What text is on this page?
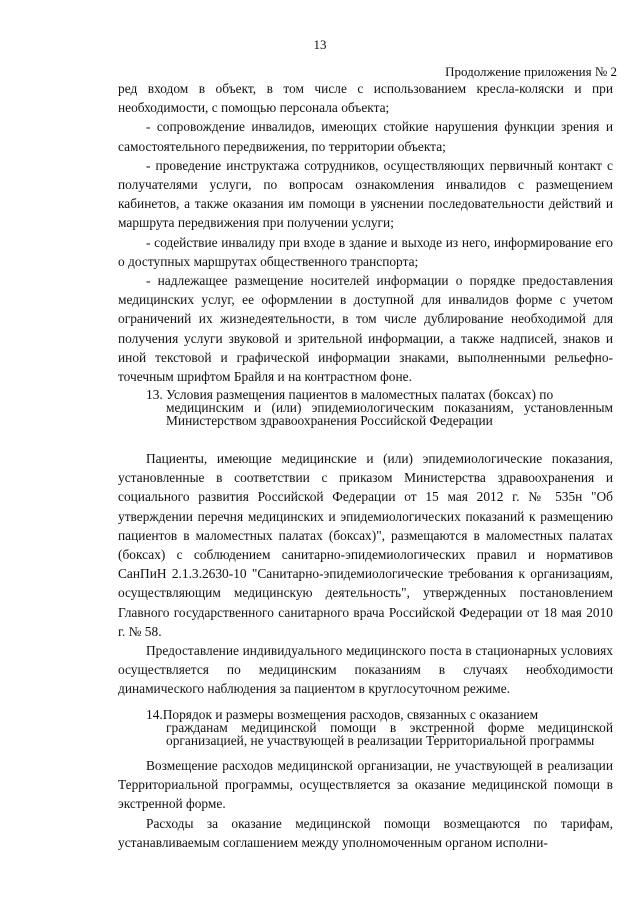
13
Продолжение приложения № 2

ред входом в объект, в том числе с использованием кресла-коляски и при необходимости, с помощью персонала объекта;

- сопровождение инвалидов, имеющих стойкие нарушения функции зрения и самостоятельного передвижения, по территории объекта;

- проведение инструктажа сотрудников, осуществляющих первичный контакт с получателями услуги, по вопросам ознакомления инвалидов с размещением кабинетов, а также оказания им помощи в уяснении последовательности действий и маршрута передвижения при получении услуги;

- содействие инвалиду при входе в здание и выходе из него, информирование его о доступных маршрутах общественного транспорта;

- надлежащее размещение носителей информации о порядке предоставления медицинских услуг, ее оформлении в доступной для инвалидов форме с учетом ограничений их жизнедеятельности, в том числе дублирование необходимой для получения услуги звуковой и зрительной информации, а также надписей, знаков и иной текстовой и графической информации знаками, выполненными рельефно-точечным шрифтом Брайля и на контрастном фоне.

13. Условия размещения пациентов в маломестных палатах (боксах) по
медицинским и (или) эпидемиологическим показаниям, установленным Министерством здравоохранения Российской Федерации

Пациенты, имеющие медицинские и (или) эпидемиологические показания, установленные в соответствии с приказом Министерства здравоохранения и социального развития Российской Федерации от 15 мая 2012 г. № 535н "Об утверждении перечня медицинских и эпидемиологических показаний к размещению пациентов в маломестных палатах (боксах)", размещаются в маломестных палатах (боксах) с соблюдением санитарно-эпидемиологических правил и нормативов СанПиН 2.1.3.2630-10 "Санитарно-эпидемиологические требования к организациям, осуществляющим медицинскую деятельность", утвержденных постановлением Главного государственного санитарного врача Российской Федерации от 18 мая 2010 г. № 58.

Предоставление индивидуального медицинского поста в стационарных условиях осуществляется по медицинским показаниям в случаях необходимости динамического наблюдения за пациентом в круглосуточном режиме.

14.Порядок и размеры возмещения расходов, связанных с оказанием
гражданам медицинской помощи в экстренной форме медицинской организацией, не участвующей в реализации Территориальной программы

Возмещение расходов медицинской организации, не участвующей в реализации Территориальной программы, осуществляется за оказание медицинской помощи в экстренной форме.

Расходы за оказание медицинской помощи возмещаются по тарифам, устанавливаемым соглашением между уполномоченным органом исполни-
